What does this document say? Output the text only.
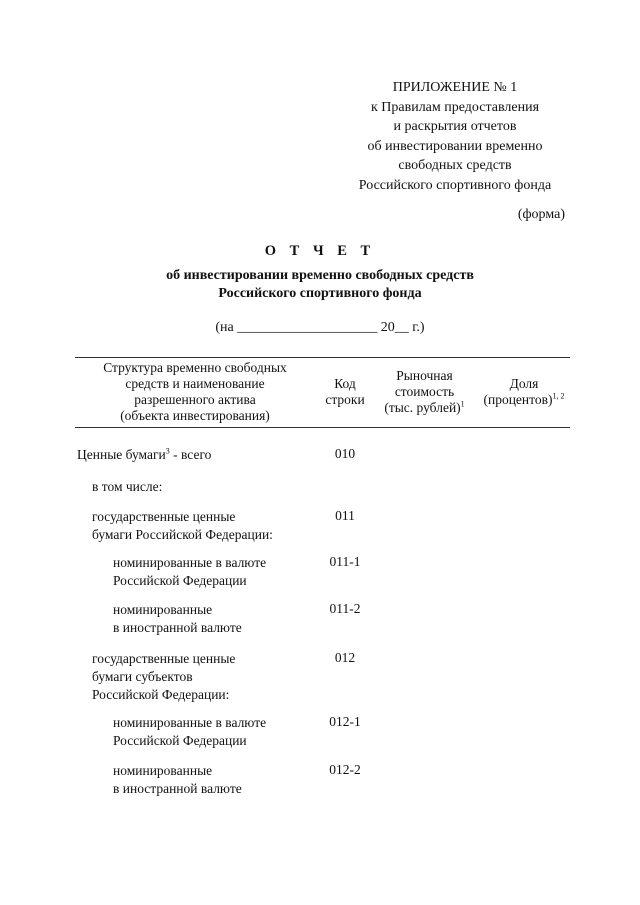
ПРИЛОЖЕНИЕ № 1
к Правилам предоставления
и раскрытия отчетов
об инвестировании временно
свободных средств
Российского спортивного фонда
(форма)
О Т Ч Е Т
об инвестировании временно свободных средств
Российского спортивного фонда
(на ____________________ 20__ г.)
Структура временно свободных
средств и наименование
разрешенного актива
(объекта инвестирования)
Код
строки
Рыночная
стоимость
(тыс. рублей)$^1$
Доля
(процентов)$^{1, 2}$
Ценные бумаги$^3$ - всего	010
в том числе:
государственные ценные
бумаги Российской Федерации:
011
номинированные в валюте
Российской Федерации
011-1
номинированные
в иностранной валюте
011-2
государственные ценные
бумаги субъектов
Российской Федерации:
012
номинированные в валюте
Российской Федерации
012-1
номинированные
в иностранной валюте
012-2
